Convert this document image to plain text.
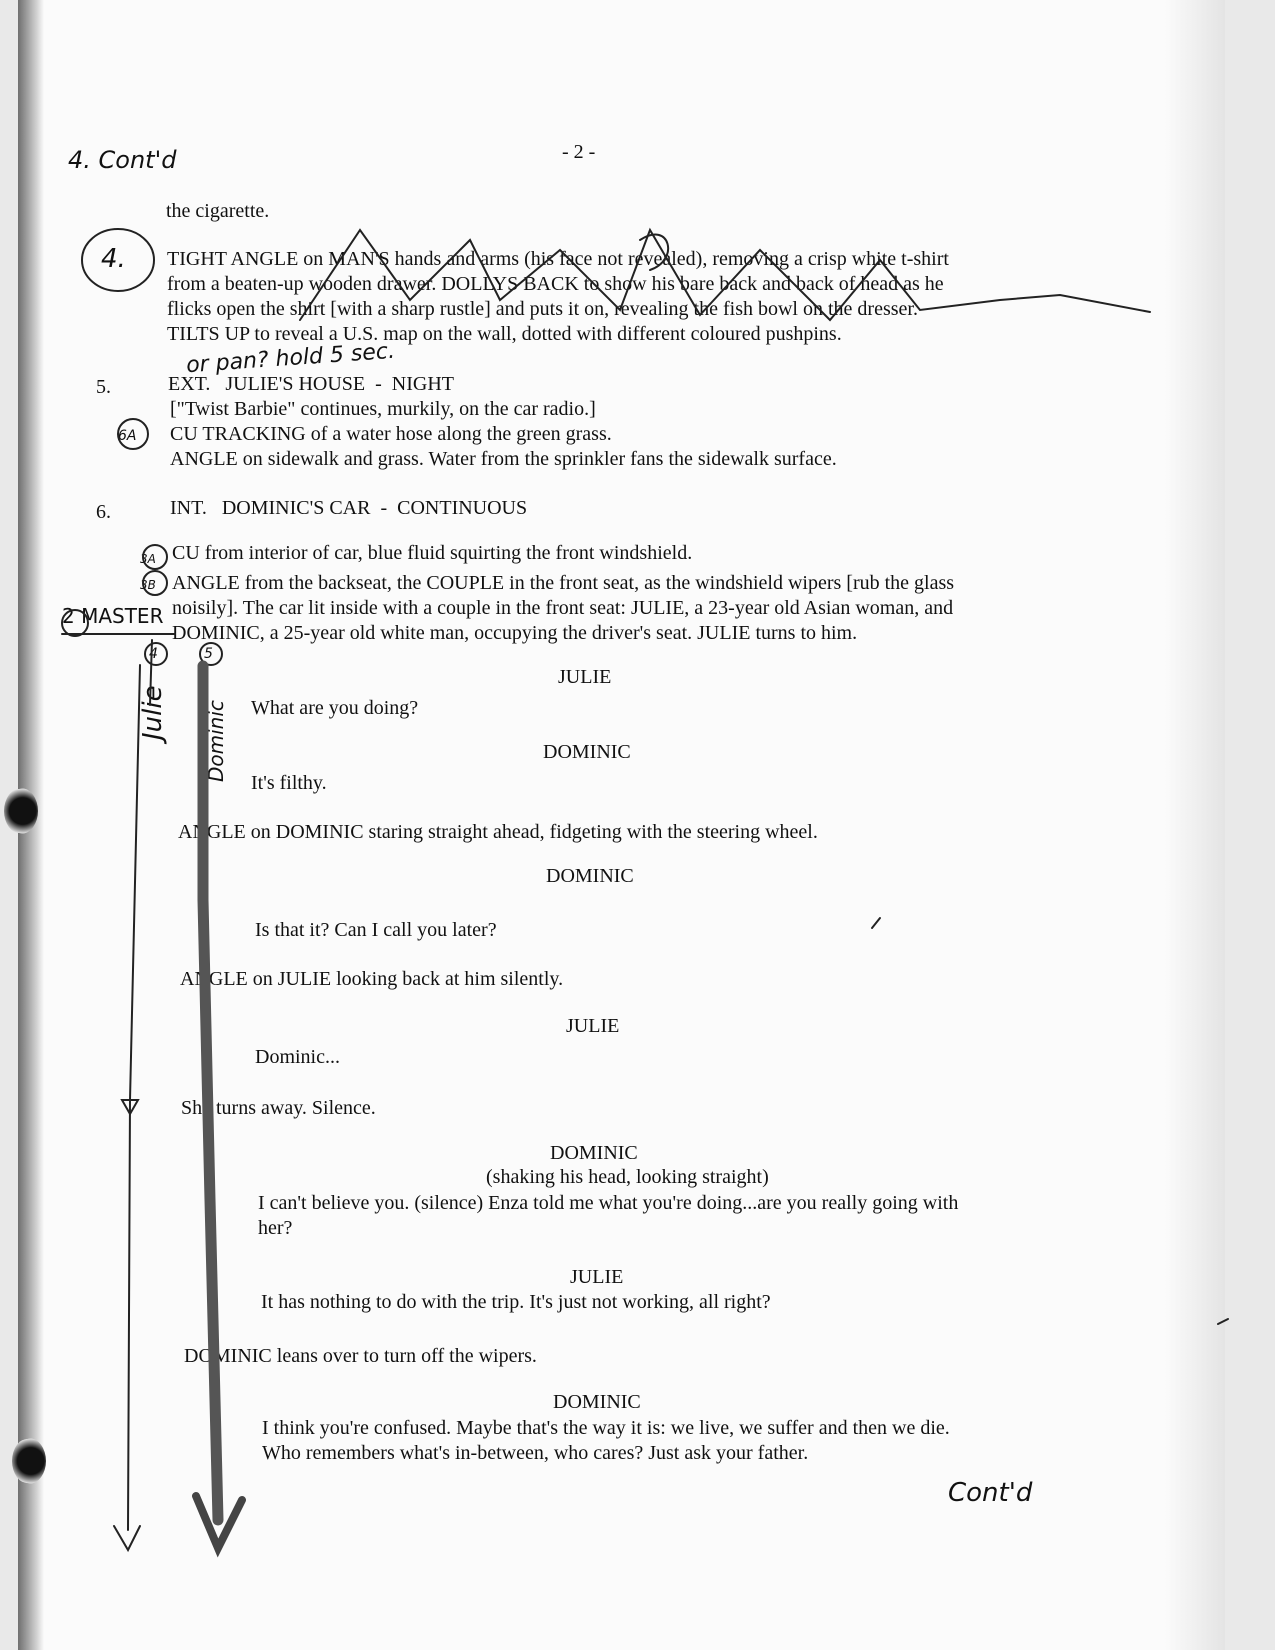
- 2 -
4. Cont'd
4.
or pan? hold 5 sec.
6A
3A
3B
2 MASTER
4	5
Julie Dominic
Cont'd
the cigarette.
TIGHT ANGLE on MAN'S hands and arms (his face not revealed), removing a crisp white t-shirt
from a beaten-up wooden drawer. DOLLYS BACK to show his bare back and back of head as he
flicks open the shirt [with a sharp rustle] and puts it on, revealing the fish bowl on the dresser.
TILTS UP to reveal a U.S. map on the wall, dotted with different coloured pushpins.
5.	EXT.   JULIE'S HOUSE  -  NIGHT
["Twist Barbie" continues, murkily, on the car radio.]
CU TRACKING of a water hose along the green grass.
ANGLE on sidewalk and grass. Water from the sprinkler fans the sidewalk surface.
6.	INT.   DOMINIC'S CAR  -  CONTINUOUS
CU from interior of car, blue fluid squirting the front windshield.
ANGLE from the backseat, the COUPLE in the front seat, as the windshield wipers [rub the glass
noisily]. The car lit inside with a couple in the front seat: JULIE, a 23-year old Asian woman, and
DOMINIC, a 25-year old white man, occupying the driver's seat. JULIE turns to him.
JULIE
What are you doing?
DOMINIC
It's filthy.
ANGLE on DOMINIC staring straight ahead, fidgeting with the steering wheel.
DOMINIC
Is that it? Can I call you later?
ANGLE on JULIE looking back at him silently.
JULIE
Dominic...
She turns away. Silence.
DOMINIC
(shaking his head, looking straight)
I can't believe you. (silence) Enza told me what you're doing...are you really going with
her?
JULIE
It has nothing to do with the trip. It's just not working, all right?
DOMINIC leans over to turn off the wipers.
DOMINIC
I think you're confused. Maybe that's the way it is: we live, we suffer and then we die.
Who remembers what's in-between, who cares? Just ask your father.
